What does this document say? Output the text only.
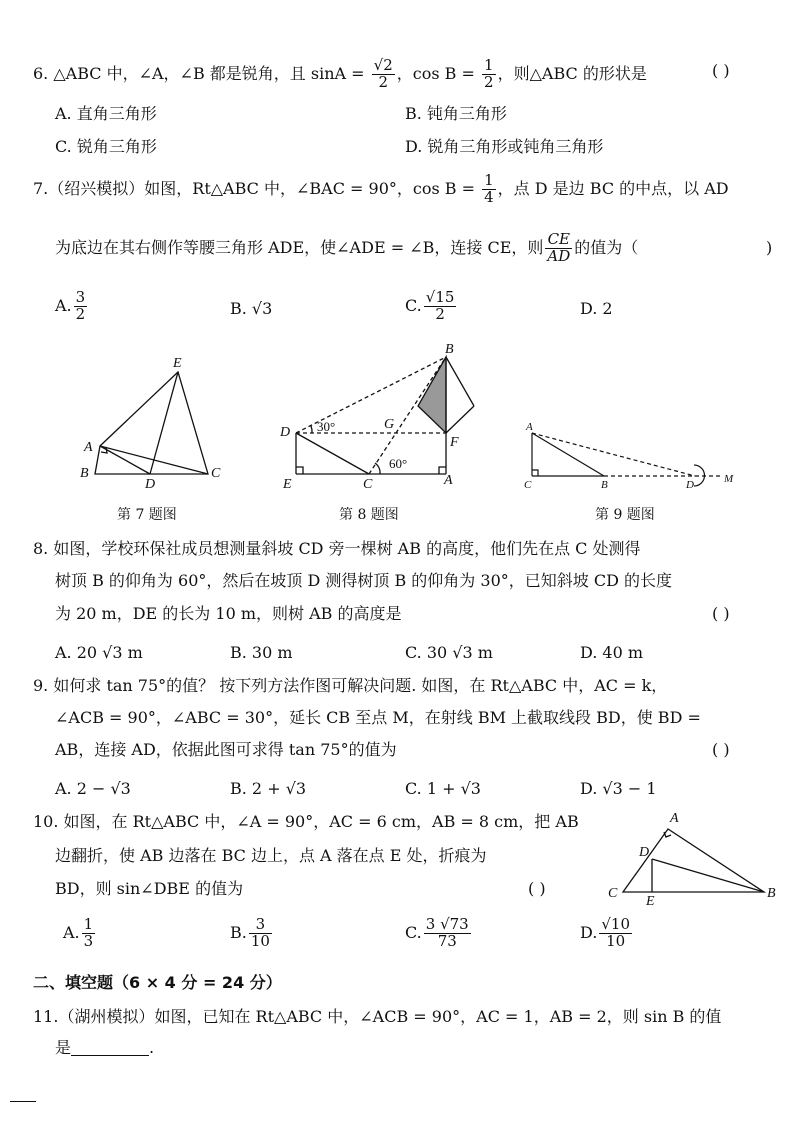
6. △ABC 中，∠A，∠B 都是锐角，且 $\sin A = \frac{√2}{2}$ ，$\cos B = \frac{1}{2}$ ，则△ABC 的形状是	( )
A. 直角三角形	B. 钝角三角形
C. 锐角三角形	D. 锐角三角形或钝角三角形
7.（绍兴模拟）如图，Rt△ABC 中，∠BAC = 90°，$\cos B = \frac{1}{4}$ ，点 D 是边 BC 的中点，以 AD
为底边在其右侧作等腰三角形 ADE，使∠ADE = ∠B，连接 CE，则 $\frac{CE}{AD}$ 的值为（	)
A. $\frac{3}{2}$	B. √3	C. $\frac{√15}{2}$	D. 2
E
A
B
D
C
第 7 题图
B
D 30°	G
F
60°
E	C	A
第 8 题图
A
C	B	D	M
第 9 题图
8. 如图，学校环保社成员想测量斜坡 CD 旁一棵树 AB 的高度，他们先在点 C 处测得
树顶 B 的仰角为 60°，然后在坡顶 D 测得树顶 B 的仰角为 30°，已知斜坡 CD 的长度
为 20 m，DE 的长为 10 m，则树 AB 的高度是	( )
A. 20 √3 m	B. 30 m	C. 30 √3 m	D. 40 m
9. 如何求 tan 75°的值？ 按下列方法作图可解决问题. 如图，在 Rt△ABC 中，AC = k，
∠ACB = 90°，∠ABC = 30°，延长 CB 至点 M，在射线 BM 上截取线段 BD，使 BD =
AB，连接 AD，依据此图可求得 tan 75°的值为	( )
A. 2 − √3	B. 2 + √3	C. 1 + √3	D. √3 − 1
10. 如图，在 Rt△ABC 中，∠A = 90°，AC = 6 cm，AB = 8 cm，把 AB
边翻折，使 AB 边落在 BC 边上，点 A 落在点 E 处，折痕为
BD，则 sin∠DBE 的值为	( )
A
D
C
E
B
A. $\frac{1}{3}$	B. $\frac{3}{10}$	C. $\frac{3 √73}{73}$	D. $\frac{√10}{10}$
二、填空题（6 × 4 分 = 24 分）
11.（湖州模拟）如图，已知在 Rt△ABC 中，∠ACB = 90°，AC = 1，AB = 2，则 sin B 的值
是	.
